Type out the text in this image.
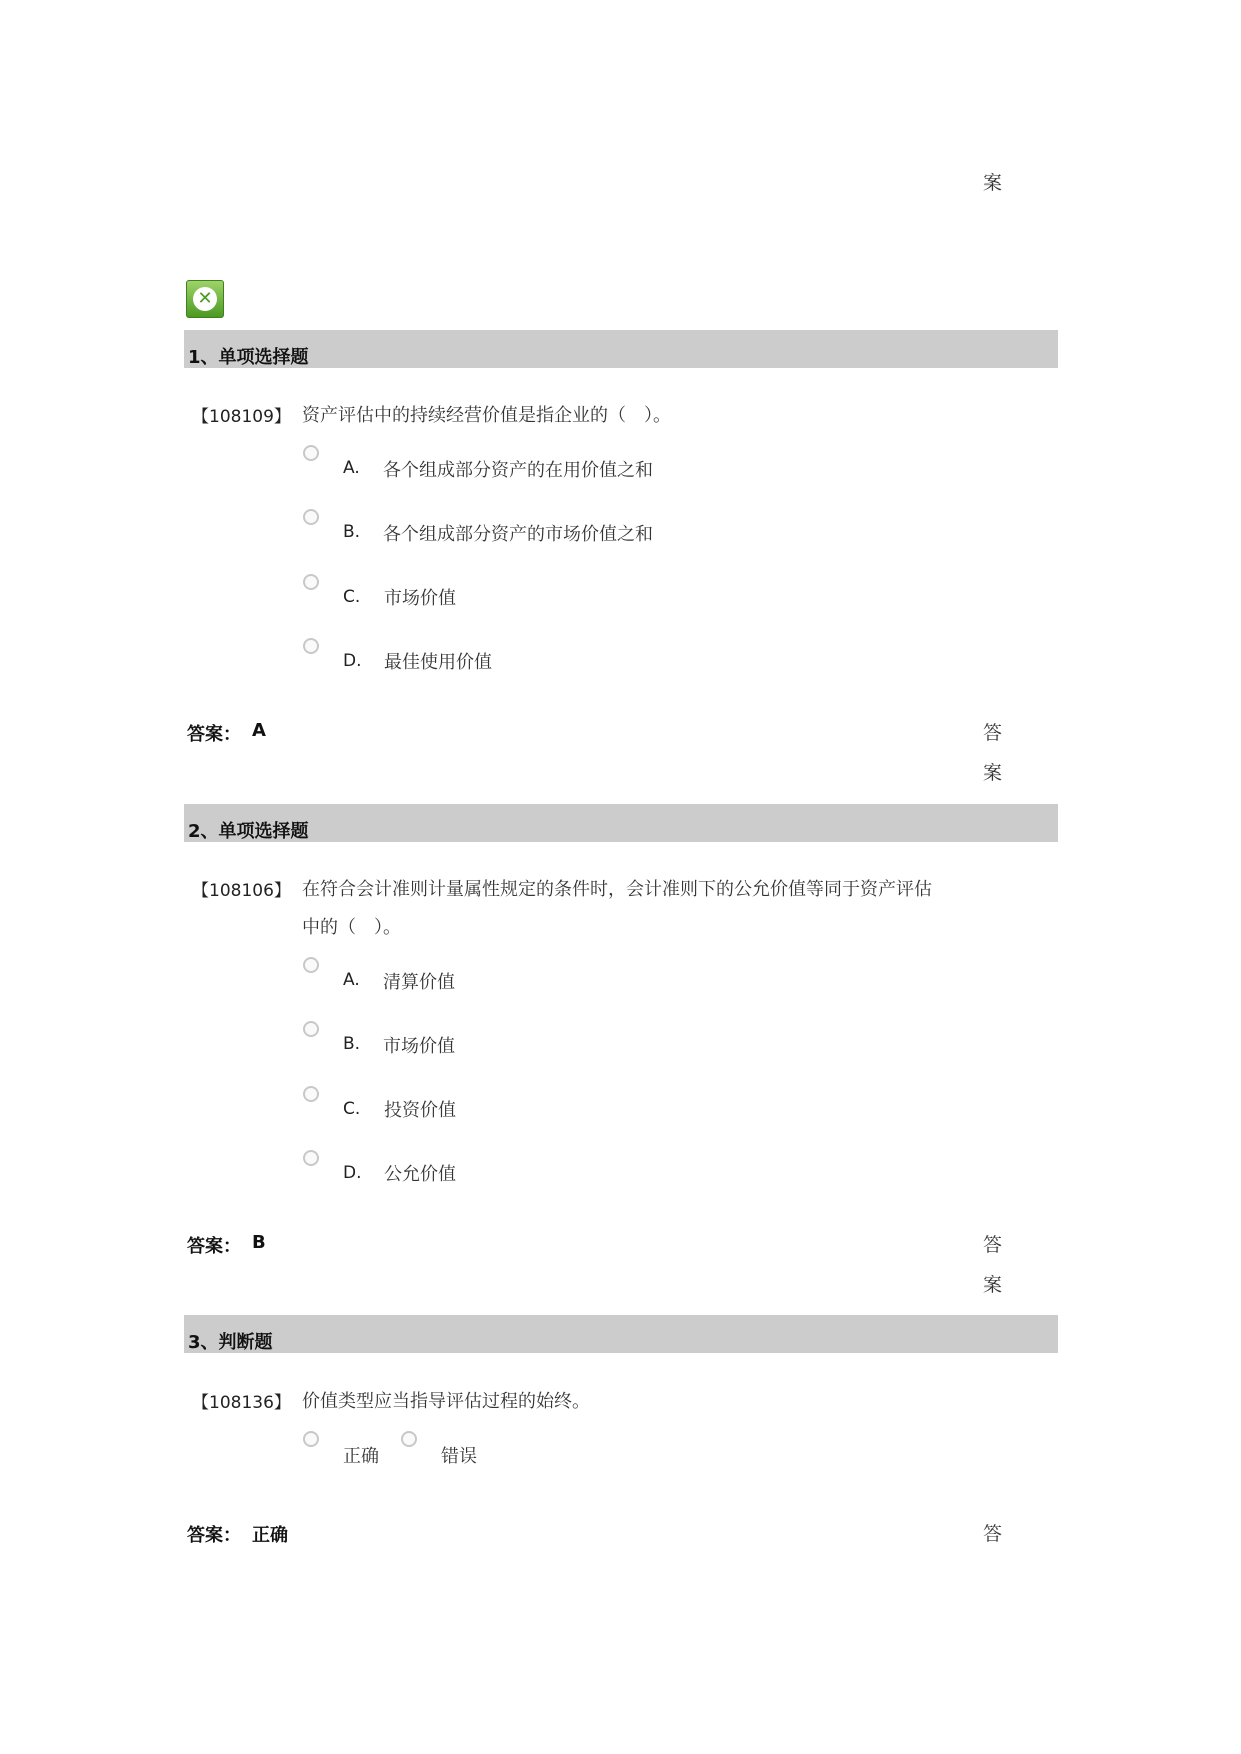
案
✕
1、单项选择题
【108109】 资产评估中的持续经营价值是指企业的（　）。
A. 各个组成部分资产的在用价值之和
B. 各个组成部分资产的市场价值之和
C. 市场价值
D. 最佳使用价值
答案： A	答
案
2、单项选择题
【108106】 在符合会计准则计量属性规定的条件时，会计准则下的公允价值等同于资产评估
中的（　）。
A. 清算价值
B. 市场价值
C. 投资价值
D. 公允价值
答案： B	答
案
3、判断题
【108136】 价值类型应当指导评估过程的始终。
正确	错误
答案： 正确	答
